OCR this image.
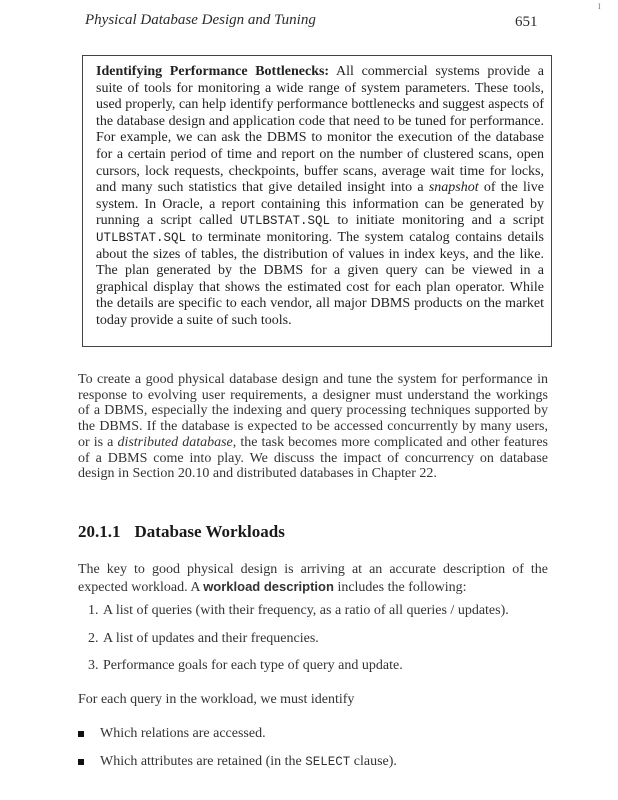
Physical Database Design and Tuning	651
I
Identifying Performance Bottlenecks: All commercial systems provide a suite of tools for monitoring a wide range of system parameters. These tools, used properly, can help identify performance bottlenecks and suggest aspects of the database design and application code that need to be tuned for performance. For example, we can ask the DBMS to monitor the execution of the database for a certain period of time and report on the number of clustered scans, open cursors, lock requests, checkpoints, buffer scans, average wait time for locks, and many such statistics that give detailed insight into a snapshot of the live system. In Oracle, a report containing this information can be generated by running a script called UTLBSTAT.SQL to initiate monitoring and a script UTLBSTAT.SQL to terminate monitoring. The system catalog contains details about the sizes of tables, the distribution of values in index keys, and the like. The plan generated by the DBMS for a given query can be viewed in a graphical display that shows the estimated cost for each plan operator. While the details are specific to each vendor, all major DBMS products on the market today provide a suite of such tools.
To create a good physical database design and tune the system for performance in response to evolving user requirements, a designer must understand the workings of a DBMS, especially the indexing and query processing techniques supported by the DBMS. If the database is expected to be accessed concurrently by many users, or is a distributed database, the task becomes more complicated and other features of a DBMS come into play. We discuss the impact of concurrency on database design in Section 20.10 and distributed databases in Chapter 22.
20.1.1 Database Workloads
The key to good physical design is arriving at an accurate description of the expected workload. A workload description includes the following:
1. A list of queries (with their frequency, as a ratio of all queries / updates).
2. A list of updates and their frequencies.
3. Performance goals for each type of query and update.
For each query in the workload, we must identify
Which relations are accessed.
Which attributes are retained (in the SELECT clause).
